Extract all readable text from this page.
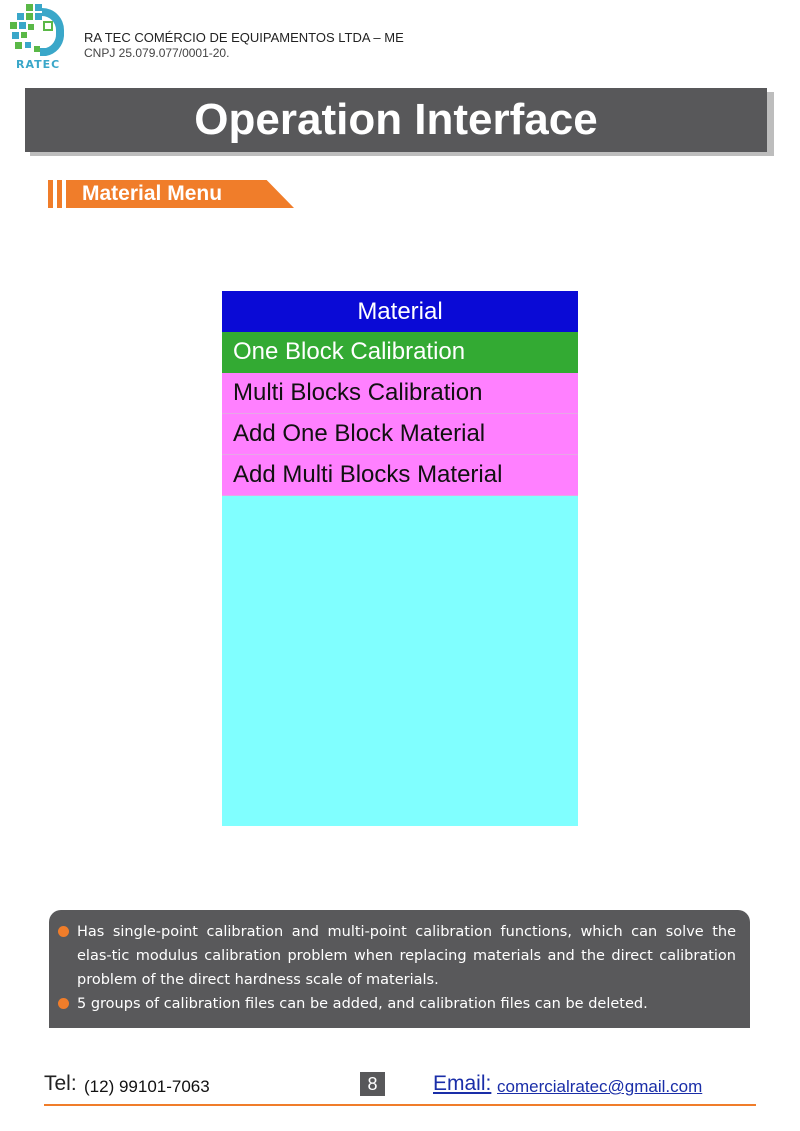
RATEC
RA TEC COMÉRCIO DE EQUIPAMENTOS LTDA – ME
CNPJ 25.079.077/0001-20.
Operation Interface
Material Menu
Material
One Block Calibration
Multi Blocks Calibration
Add One Block Material
Add Multi Blocks Material
Has single-point calibration and multi-point calibration functions, which can solve the elas-tic modulus calibration problem when replacing materials and the direct calibration problem of the direct hardness scale of materials.
5 groups of calibration files can be added, and calibration files can be deleted.
Tel: (12) 99101-7063	8	Email: comercialratec@gmail.com
